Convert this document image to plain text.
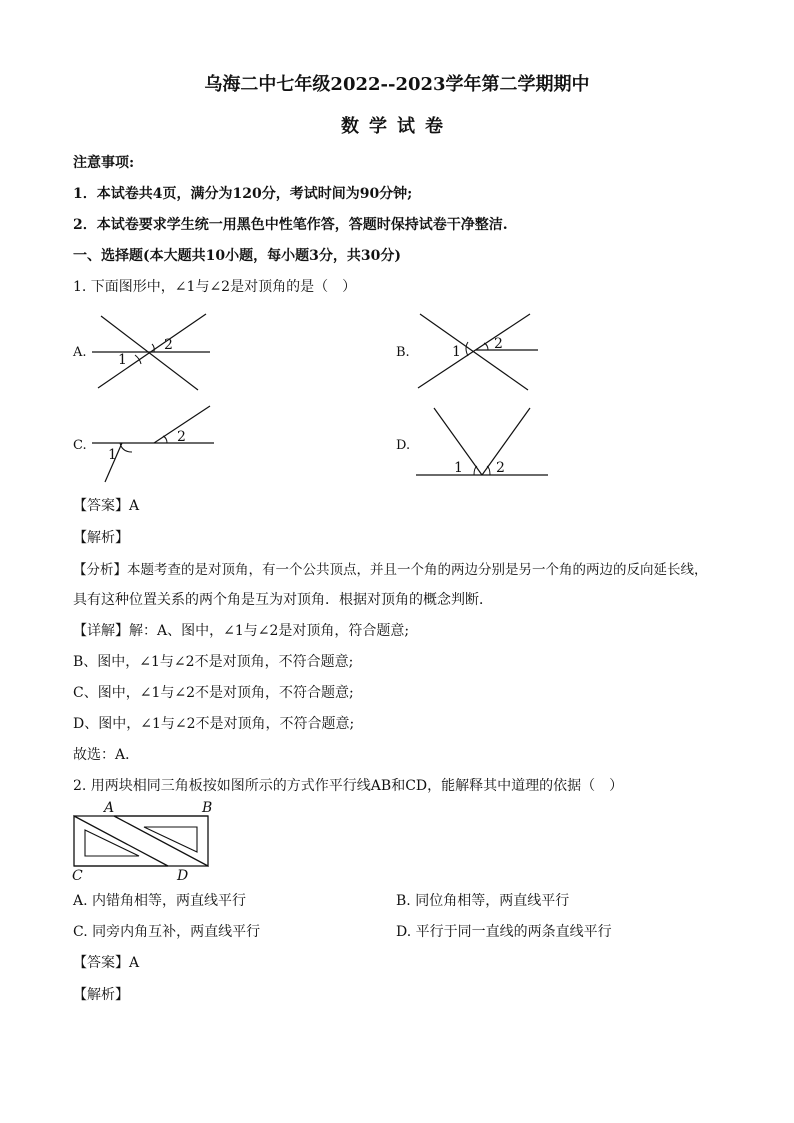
乌海二中七年级2022--2023学年第二学期期中
数学试卷
注意事项:
1．本试卷共4页，满分为120分，考试时间为90分钟;
2．本试卷要求学生统一用黑色中性笔作答，答题时保持试卷干净整洁.
一、选择题(本大题共10小题，每小题3分，共30分)
1. 下面图形中，∠1与∠2是对顶角的是（　）
A. 1
2	B.	1 2
C.
1
2
D.
1 2
【答案】A
【解析】
【分析】本题考查的是对顶角，有一个公共顶点，并且一个角的两边分别是另一个角的两边的反向延长线，
具有这种位置关系的两个角是互为对顶角．根据对顶角的概念判断．
【详解】解：A、图中，∠1与∠2是对顶角，符合题意;
B、图中，∠1与∠2不是对顶角，不符合题意;
C、图中，∠1与∠2不是对顶角，不符合题意;
D、图中，∠1与∠2不是对顶角，不符合题意;
故选：A．
2. 用两块相同三角板按如图所示的方式作平行线AB和CD，能解释其中道理的依据（　）
A	B
C	D
A. 内错角相等，两直线平行	B. 同位角相等，两直线平行
C. 同旁内角互补，两直线平行	D. 平行于同一直线的两条直线平行
【答案】A
【解析】
